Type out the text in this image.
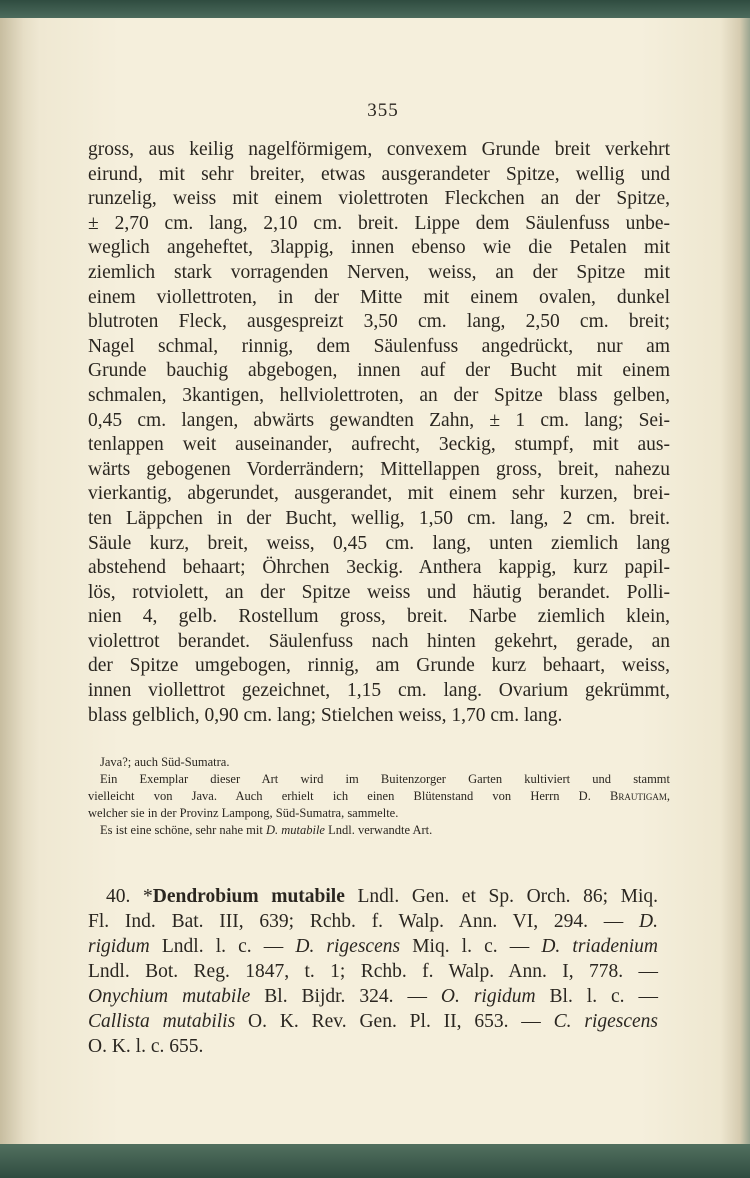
355
gross, aus keilig nagelförmigem, convexem Grunde breit verkehrt
eirund, mit sehr breiter, etwas ausgerandeter Spitze, wellig und
runzelig, weiss mit einem violettroten Fleckchen an der Spitze,
± 2,70 cm. lang, 2,10 cm. breit. Lippe dem Säulenfuss unbe-
weglich angeheftet, 3lappig, innen ebenso wie die Petalen mit
ziemlich stark vorragenden Nerven, weiss, an der Spitze mit
einem viollettroten, in der Mitte mit einem ovalen, dunkel
blutroten Fleck, ausgespreizt 3,50 cm. lang, 2,50 cm. breit;
Nagel schmal, rinnig, dem Säulenfuss angedrückt, nur am
Grunde bauchig abgebogen, innen auf der Bucht mit einem
schmalen, 3kantigen, hellviolettroten, an der Spitze blass gelben,
0,45 cm. langen, abwärts gewandten Zahn, ± 1 cm. lang; Sei-
tenlappen weit auseinander, aufrecht, 3eckig, stumpf, mit aus-
wärts gebogenen Vorderrändern; Mittellappen gross, breit, nahezu
vierkantig, abgerundet, ausgerandet, mit einem sehr kurzen, brei-
ten Läppchen in der Bucht, wellig, 1,50 cm. lang, 2 cm. breit.
Säule kurz, breit, weiss, 0,45 cm. lang, unten ziemlich lang
abstehend behaart; Öhrchen 3eckig. Anthera kappig, kurz papil-
lös, rotviolett, an der Spitze weiss und häutig berandet. Polli-
nien 4, gelb. Rostellum gross, breit. Narbe ziemlich klein,
violettrot berandet. Säulenfuss nach hinten gekehrt, gerade, an
der Spitze umgebogen, rinnig, am Grunde kurz behaart, weiss,
innen viollettrot gezeichnet, 1,15 cm. lang. Ovarium gekrümmt,
blass gelblich, 0,90 cm. lang; Stielchen weiss, 1,70 cm. lang.
Java?; auch Süd-Sumatra.
Ein Exemplar dieser Art wird im Buitenzorger Garten kultiviert und stammt
vielleicht von Java. Auch erhielt ich einen Blütenstand von Herrn D. Brautigam,
welcher sie in der Provinz Lampong, Süd-Sumatra, sammelte.
Es ist eine schöne, sehr nahe mit D. mutabile Lndl. verwandte Art.
40. *Dendrobium mutabile Lndl. Gen. et Sp. Orch. 86; Miq.
Fl. Ind. Bat. III, 639; Rchb. f. Walp. Ann. VI, 294. — D.
rigidum Lndl. l. c. — D. rigescens Miq. l. c. — D. triadenium
Lndl. Bot. Reg. 1847, t. 1; Rchb. f. Walp. Ann. I, 778. —
Onychium mutabile Bl. Bijdr. 324. — O. rigidum Bl. l. c. —
Callista mutabilis O. K. Rev. Gen. Pl. II, 653. — C. rigescens
O. K. l. c. 655.
